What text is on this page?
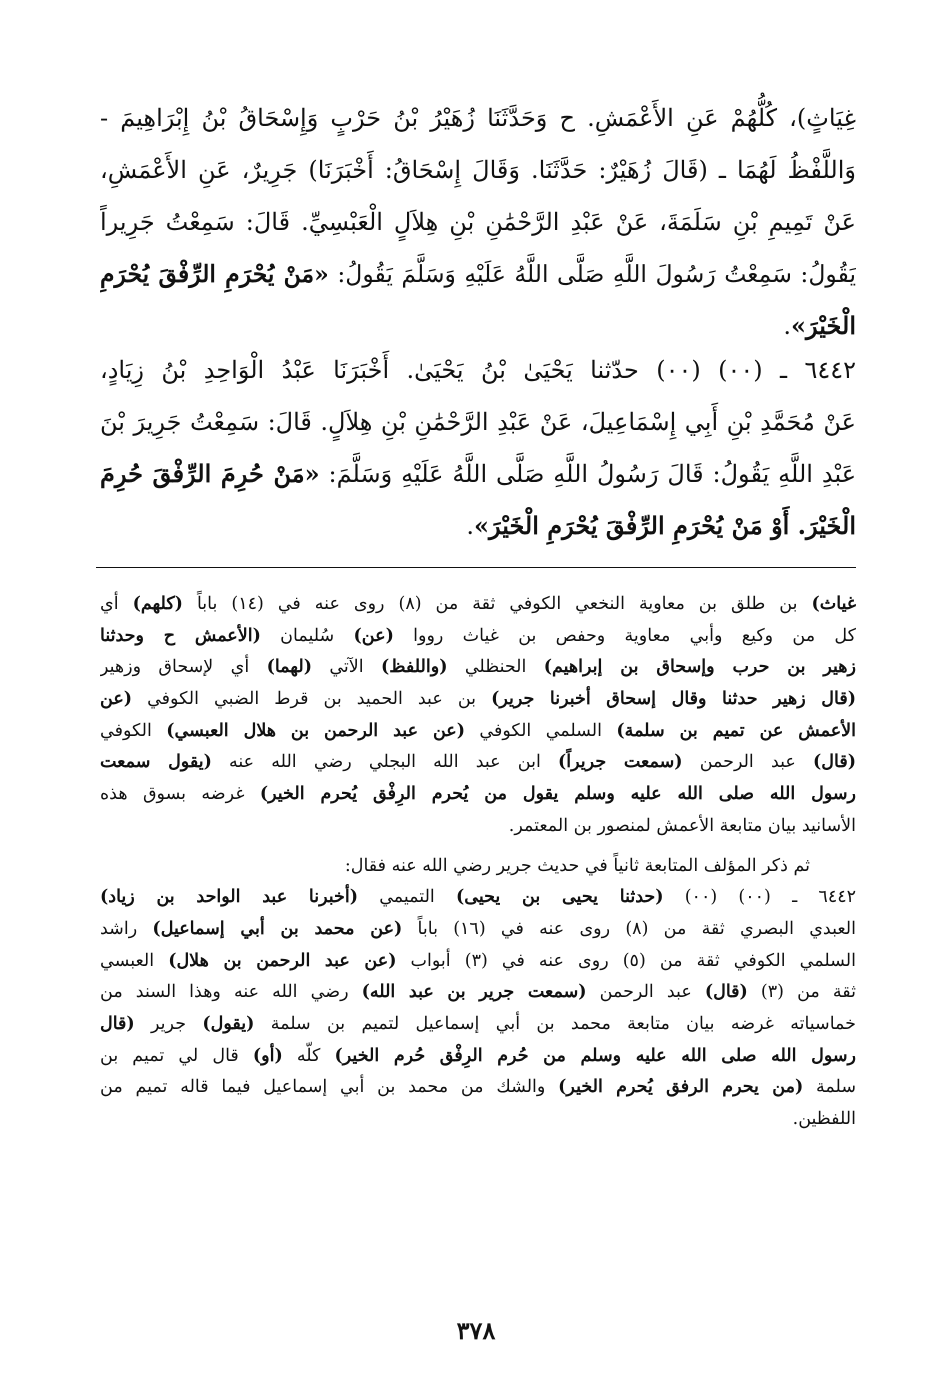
غِيَاثٍ)، كُلُّهُمْ عَنِ الأَعْمَشِ. ح وَحَدَّثَنَا زُهَيْرُ بْنُ حَرْبٍ وَإِسْحَاقُ بْنُ إِبْرَاهِيمَ -
وَاللَّفْظُ لَهُمَا ـ (قَالَ زُهَيْرٌ: حَدَّثَنَا. وَقَالَ إِسْحَاقُ: أَخْبَرَنَا) جَرِيرٌ، عَنِ الأَعْمَشِ،
عَنْ تَمِيمِ بْنِ سَلَمَةَ، عَنْ عَبْدِ الرَّحْمَٰنِ بْنِ هِلاَلٍ الْعَبْسِيِّ. قَالَ: سَمِعْتُ جَرِيراً
يَقُولُ: سَمِعْتُ رَسُولَ اللَّهِ صَلَّى اللَّهُ عَلَيْهِ وَسَلَّمَ يَقُولُ: «مَنْ يُحْرَمِ الرِّفْقَ يُحْرَمِ
الْخَيْرَ».
٦٤٤٢ ـ (٠٠) (٠٠) حدّثنا يَحْيَىٰ بْنُ يَحْيَىٰ. أَخْبَرَنَا عَبْدُ الْوَاحِدِ بْنُ زِيَادٍ،
عَنْ مُحَمَّدِ بْنِ أَبِي إِسْمَاعِيلَ، عَنْ عَبْدِ الرَّحْمَٰنِ بْنِ هِلاَلٍ. قَالَ: سَمِعْتُ جَرِيرَ بْنَ
عَبْدِ اللَّهِ يَقُولُ: قَالَ رَسُولُ اللَّهِ صَلَّى اللَّهُ عَلَيْهِ وَسَلَّمَ: «مَنْ حُرِمَ الرِّفْقَ حُرِمَ
الْخَيْرَ. أَوْ مَنْ يُحْرَمِ الرِّفْقَ يُحْرَمِ الْخَيْرَ».
غياث) بن طلق بن معاوية النخعي الكوفي ثقة من (٨) روى عنه في (١٤) باباً (كلهم) أي
كل من وكيع وأبي معاوية وحفص بن غياث رووا (عن) سُليمان (الأعمش ح وحدثنا
زهير بن حرب وإسحاق بن إبراهيم) الحنظلي (واللفظ) الآتي (لهما) أي لإسحاق وزهير
(قال زهير حدثنا وقال إسحاق أخبرنا جرير) بن عبد الحميد بن قرط الضبي الكوفي (عن
الأعمش عن تميم بن سلمة) السلمي الكوفي (عن عبد الرحمن بن هلال العبسي) الكوفي
(قال) عبد الرحمن (سمعت جريراً) ابن عبد الله البجلي رضي الله عنه (يقول سمعت
رسول الله صلى الله عليه وسلم يقول من يُحرم الرِفْق يُحرم الخير) غرضه بسوق هذه
الأسانيد بيان متابعة الأعمش لمنصور بن المعتمر.
ثم ذكر المؤلف المتابعة ثانياً في حديث جرير رضي الله عنه فقال:
٦٤٤٢ ـ (٠٠) (٠٠) (حدثنا يحيى بن يحيى) التميمي (أخبرنا عبد الواحد بن زياد)
العبدي البصري ثقة من (٨) روى عنه في (١٦) باباً (عن محمد بن أبي إسماعيل) راشد
السلمي الكوفي ثقة من (٥) روى عنه في (٣) أبواب (عن عبد الرحمن بن هلال) العبسي
ثقة من (٣) (قال) عبد الرحمن (سمعت جرير بن عبد الله) رضي الله عنه وهذا السند من
خماسياته غرضه بيان متابعة محمد بن أبي إسماعيل لتميم بن سلمة (يقول) جرير (قال
رسول الله صلى الله عليه وسلم من حُرم الرِفْق حُرم الخير) كلّه (أو) قال لي تميم بن
سلمة (من يحرم الرفق يُحرم الخير) والشك من محمد بن أبي إسماعيل فيما قاله تميم من
اللفظين.
٣٧٨
